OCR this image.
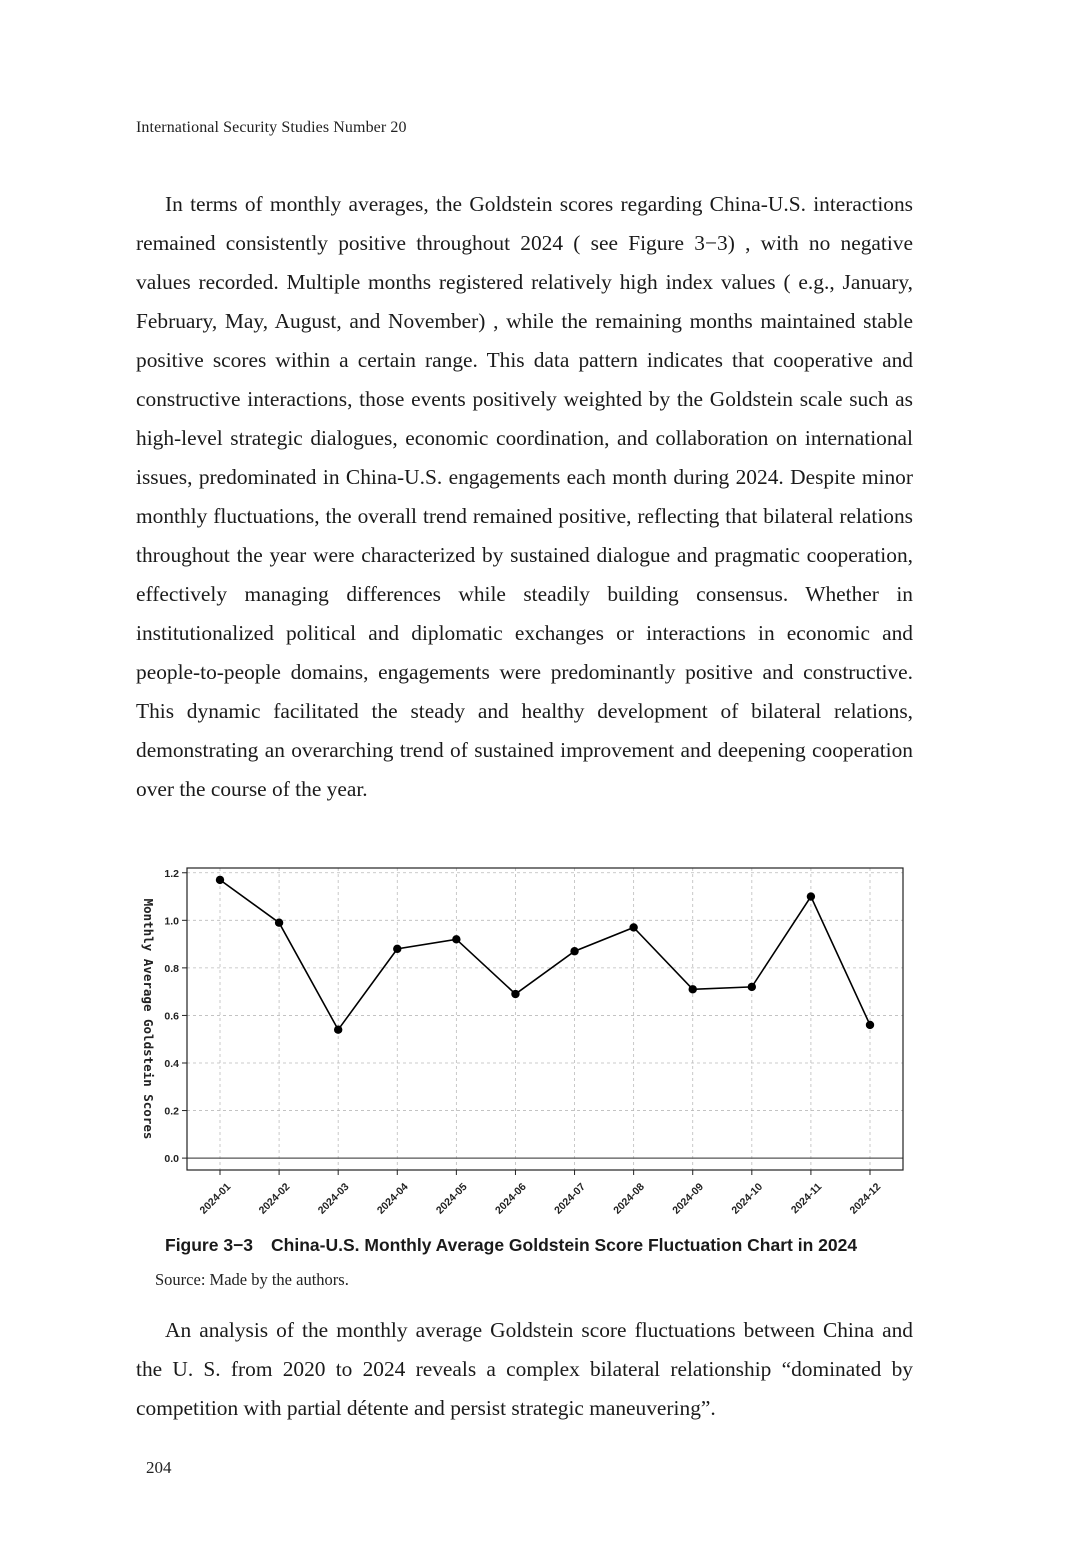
International Security Studies Number 20

In terms of monthly averages, the Goldstein scores regarding China-U.S. interactions remained consistently positive throughout 2024 ( see Figure 3−3) , with no negative values recorded. Multiple months registered relatively high index values ( e.g., January, February, May, August, and November) , while the remaining months maintained stable positive scores within a certain range. This data pattern indicates that cooperative and constructive interactions, those events positively weighted by the Goldstein scale such as high-level strategic dialogues, economic coordination, and collaboration on international issues, predominated in China-U.S. engagements each month during 2024. Despite minor monthly fluctuations, the overall trend remained positive, reflecting that bilateral relations throughout the year were characterized by sustained dialogue and pragmatic cooperation, effectively managing differences while steadily building consensus. Whether in institutionalized political and diplomatic exchanges or interactions in economic and people-to-people domains, engagements were predominantly positive and constructive. This dynamic facilitated the steady and healthy development of bilateral relations, demonstrating an overarching trend of sustained improvement and deepening cooperation over the course of the year.

0.0
0.2
0.4
0.6
0.8
1.0
1.2
2024-01 2024-02 2024-03 2024-04 2024-05 2024-06 2024-07 2024-08 2024-09 2024-10 2024-11 2024-12
Monthly Average Goldstein Scores
Figure 3−3 China-U.S. Monthly Average Goldstein Score Fluctuation Chart in 2024
Source: Made by the authors.

An analysis of the monthly average Goldstein score fluctuations between China and the U. S. from 2020 to 2024 reveals a complex bilateral relationship “dominated by competition with partial détente and persist strategic maneuvering”.

204
